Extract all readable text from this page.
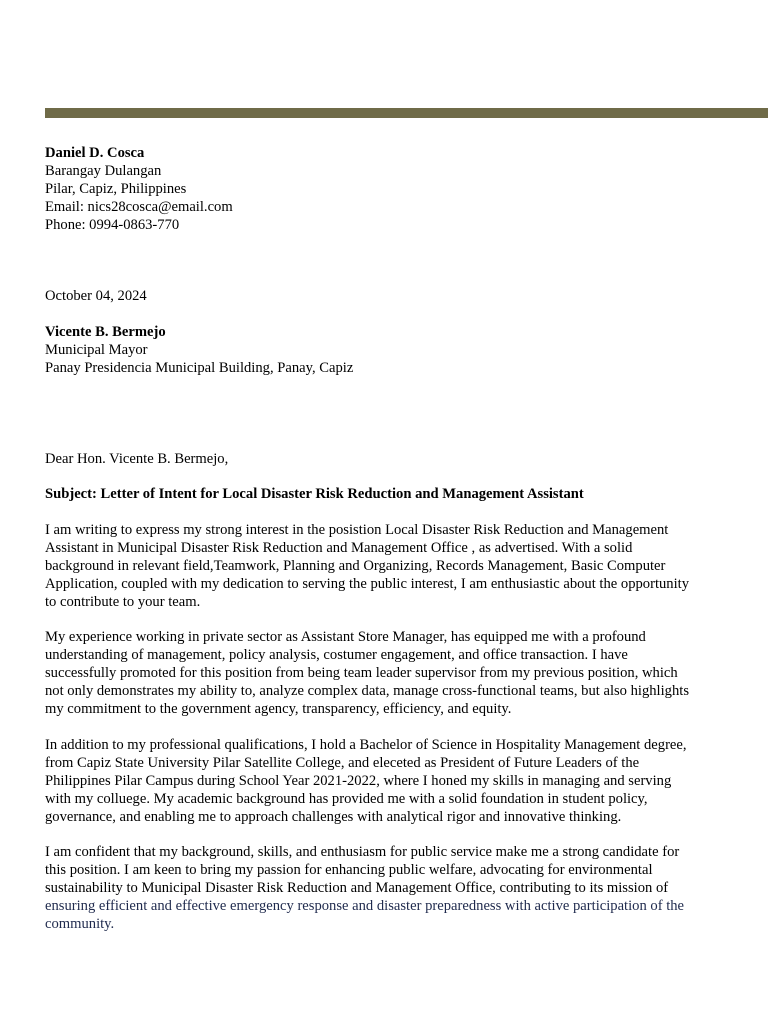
Daniel D. Cosca
Barangay Dulangan
Pilar, Capiz, Philippines
Email: nics28cosca@email.com
Phone: 0994-0863-770
October 04, 2024
Vicente B. Bermejo
Municipal Mayor
Panay Presidencia Municipal Building, Panay, Capiz
Dear Hon. Vicente B. Bermejo,
Subject: Letter of Intent for Local Disaster Risk Reduction and Management Assistant
I am writing to express my strong interest in the posistion Local Disaster Risk Reduction and Management
Assistant in Municipal Disaster Risk Reduction and Management Office , as advertised. With a solid
background in relevant field,Teamwork, Planning and Organizing, Records Management, Basic Computer
Application, coupled with my dedication to serving the public interest, I am enthusiastic about the opportunity
to contribute to your team.
My experience working in private sector as Assistant Store Manager, has equipped me with a profound
understanding of management, policy analysis, costumer engagement, and office transaction. I have
successfully promoted for this position from being team leader supervisor from my previous position, which
not only demonstrates my ability to, analyze complex data, manage cross-functional teams, but also highlights
my commitment to the government agency, transparency, efficiency, and equity.
In addition to my professional qualifications, I hold a Bachelor of Science in Hospitality Management degree,
from Capiz State University Pilar Satellite College, and eleceted as President of Future Leaders of the
Philippines Pilar Campus during School Year 2021-2022, where I honed my skills in managing and serving
with my colluege. My academic background has provided me with a solid foundation in student policy,
governance, and enabling me to approach challenges with analytical rigor and innovative thinking.
I am confident that my background, skills, and enthusiasm for public service make me a strong candidate for
this position. I am keen to bring my passion for enhancing public welfare, advocating for environmental
sustainability to Municipal Disaster Risk Reduction and Management Office, contributing to its mission of
ensuring efficient and effective emergency response and disaster preparedness with active participation of the
community.
